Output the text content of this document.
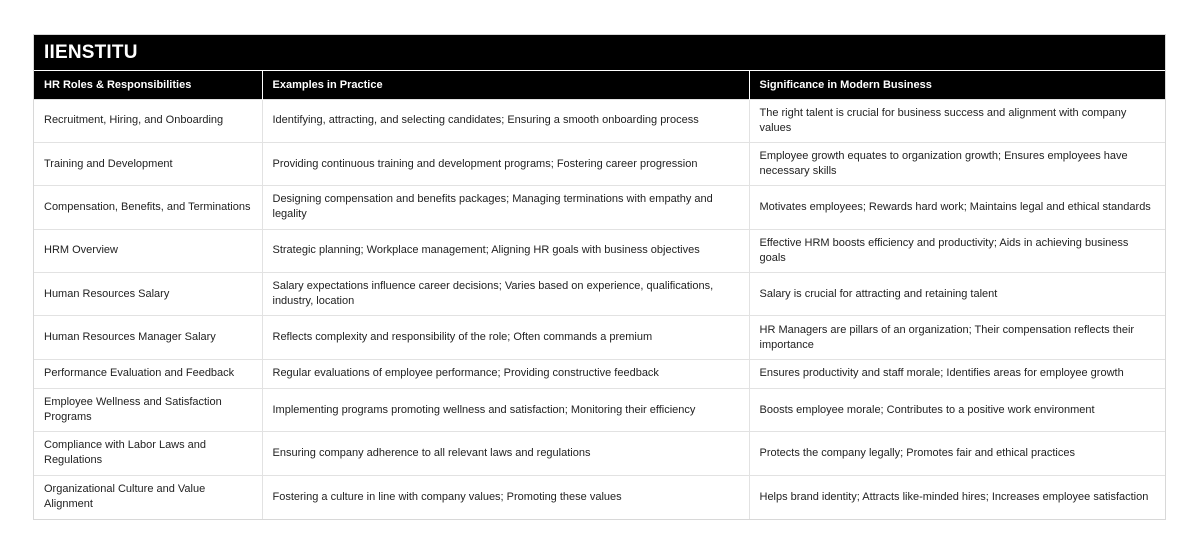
IIENSTITU
HR Roles & Responsibilities	Examples in Practice	Significance in Modern Business
Recruitment, Hiring, and Onboarding	Identifying, attracting, and selecting candidates; Ensuring a smooth onboarding process	The right talent is crucial for business success and alignment with company values
Training and Development	Providing continuous training and development programs; Fostering career progression	Employee growth equates to organization growth; Ensures employees have necessary skills
Compensation, Benefits, and Terminations	Designing compensation and benefits packages; Managing terminations with empathy and legality	Motivates employees; Rewards hard work; Maintains legal and ethical standards
HRM Overview	Strategic planning; Workplace management; Aligning HR goals with business objectives	Effective HRM boosts efficiency and productivity; Aids in achieving business goals
Human Resources Salary	Salary expectations influence career decisions; Varies based on experience, qualifications, industry, location	Salary is crucial for attracting and retaining talent
Human Resources Manager Salary	Reflects complexity and responsibility of the role; Often commands a premium	HR Managers are pillars of an organization; Their compensation reflects their importance
Performance Evaluation and Feedback	Regular evaluations of employee performance; Providing constructive feedback	Ensures productivity and staff morale; Identifies areas for employee growth
Employee Wellness and Satisfaction Programs	Implementing programs promoting wellness and satisfaction; Monitoring their efficiency	Boosts employee morale; Contributes to a positive work environment
Compliance with Labor Laws and Regulations	Ensuring company adherence to all relevant laws and regulations	Protects the company legally; Promotes fair and ethical practices
Organizational Culture and Value Alignment	Fostering a culture in line with company values; Promoting these values	Helps brand identity; Attracts like-minded hires; Increases employee satisfaction
